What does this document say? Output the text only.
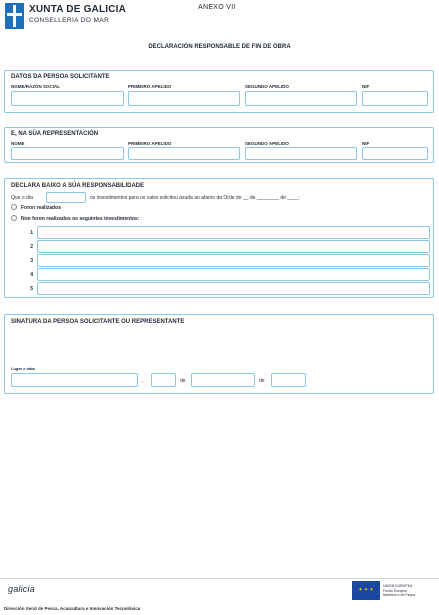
XUNTA DE GALICIA
CONSELLERIA DO MAR
ANEXO VII
DECLARACIÓN RESPONSABLE DE FIN DE OBRA
DATOS DA PERSOA SOLICITANTE
NOME/RAZÓN SOCIAL	PRIMEIRO APELIDO	SEGUNDO APELIDO	NIF
E, NA SÚA REPRESENTACIÓN
NOME	PRIMEIRO APELIDO	SEGUNDO APELIDO	NIF
DECLARA BAIXO A SÚA RESPONSABILIDADE
Que o día	os investimentos para os cales solicitou axuda ao abeiro da Orde do __ de ________ de ____:
Foron realizados
Non foron realizados os seguintes investimentos:
1
2
3
4
5
SINATURA DA PERSOA SOLICITANTE OU REPRESENTANTE
Lugar e data
,	de	de
galicia	✦ ✦ ✦
UNIÓN EUROPEA
Fondo Europeo
Marítimo e de Pesca
Dirección Xeral de Pesca, Acuicultura e Innovación Tecnolóxica
